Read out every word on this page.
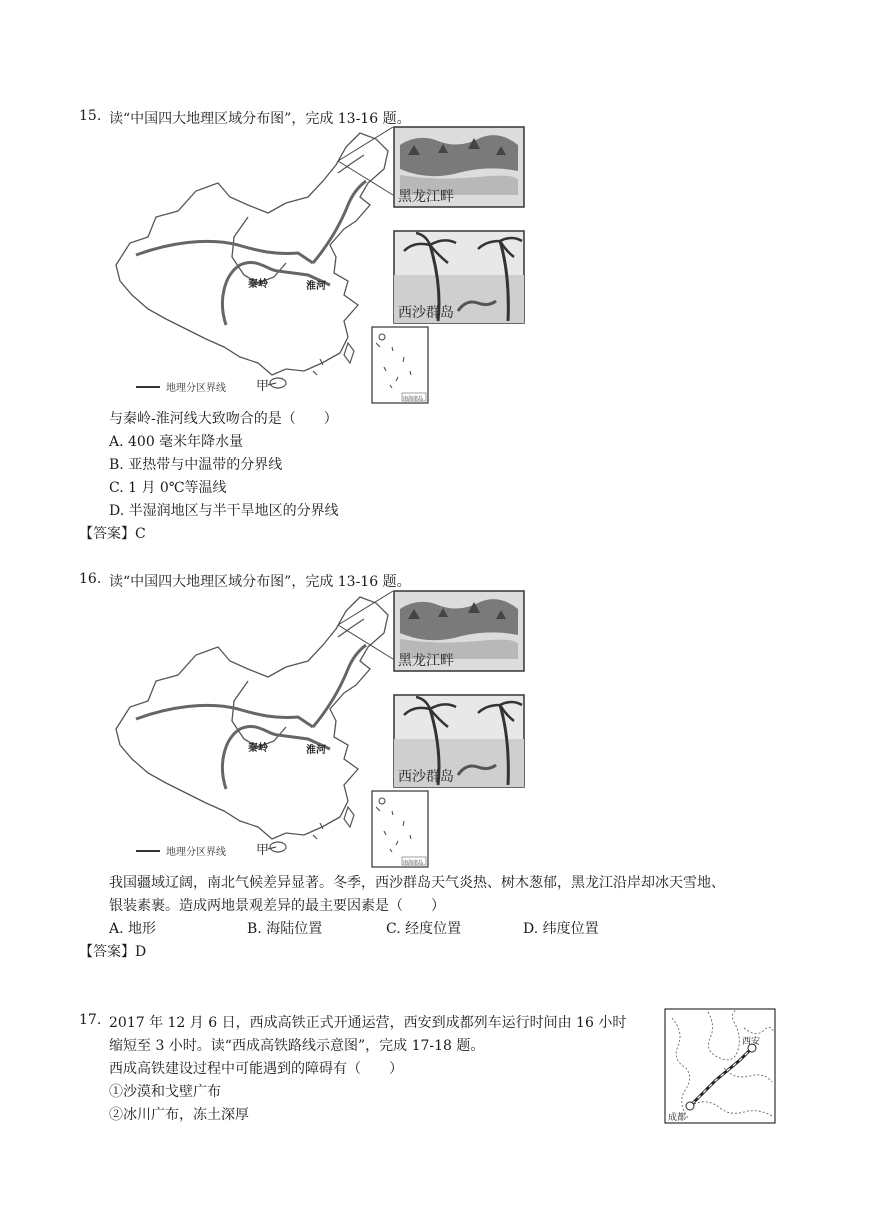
15. 读“中国四大地理区域分布图”，完成 13-16 题。
秦岭	淮河
地理分区界线 甲
黑龙江畔
西沙群岛
南海诸岛
与秦岭-淮河线大致吻合的是（　　）
A. 400 毫米年降水量
B. 亚热带与中温带的分界线
C. 1 月 0℃等温线
D. 半湿润地区与半干旱地区的分界线
【答案】C
16. 读“中国四大地理区域分布图”，完成 13-16 题。
秦岭	淮河
地理分区界线 甲
黑龙江畔
西沙群岛
南海诸岛
我国疆域辽阔，南北气候差异显著。冬季，西沙群岛天气炎热、树木葱郁，黑龙江沿岸却冰天雪地、
银装素裹。造成两地景观差异的最主要因素是（　　）
A. 地形	B. 海陆位置	C. 经度位置	D. 纬度位置
【答案】D
17. 2017 年 12 月 6 日，西成高铁正式开通运营，西安到成都列车运行时间由 16 小时
缩短至 3 小时。读“西成高铁路线示意图”，完成 17-18 题。
西成高铁建设过程中可能遇到的障碍有（　　）
①沙漠和戈壁广布
②冰川广布，冻土深厚
西安
成都
